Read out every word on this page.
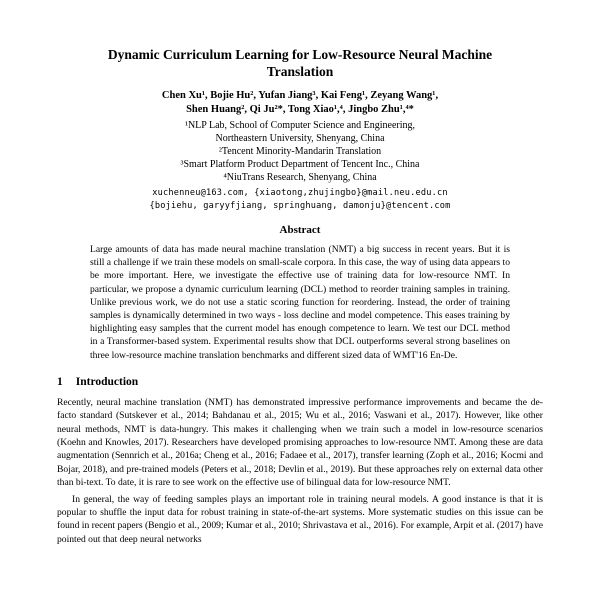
Dynamic Curriculum Learning for Low-Resource Neural Machine
Translation
Chen Xu¹, Bojie Hu², Yufan Jiang³, Kai Feng¹, Zeyang Wang¹,
Shen Huang², Qi Ju²*, Tong Xiao¹,⁴, Jingbo Zhu¹,⁴*
¹NLP Lab, School of Computer Science and Engineering,
Northeastern University, Shenyang, China
²Tencent Minority-Mandarin Translation
³Smart Platform Product Department of Tencent Inc., China
⁴NiuTrans Research, Shenyang, China
xuchenneu@163.com, {xiaotong,zhujingbo}@mail.neu.edu.cn
{bojiehu, garyyfjiang, springhuang, damonju}@tencent.com
Abstract

Large amounts of data has made neural machine translation (NMT) a big success in recent years. But it is still a challenge if we train these models on small-scale corpora. In this case, the way of using data appears to be more important. Here, we investigate the effective use of training data for low-resource NMT. In particular, we propose a dynamic curriculum learning (DCL) method to reorder training samples in training. Unlike previous work, we do not use a static scoring function for reordering. Instead, the order of training samples is dynamically determined in two ways - loss decline and model competence. This eases training by highlighting easy samples that the current model has enough competence to learn. We test our DCL method in a Transformer-based system. Experimental results show that DCL outperforms several strong baselines on three low-resource machine translation benchmarks and different sized data of WMT'16 En-De.

1 Introduction

Recently, neural machine translation (NMT) has demonstrated impressive performance improvements and became the de-facto standard (Sutskever et al., 2014; Bahdanau et al., 2015; Wu et al., 2016; Vaswani et al., 2017). However, like other neural methods, NMT is data-hungry. This makes it challenging when we train such a model in low-resource scenarios (Koehn and Knowles, 2017). Researchers have developed promising approaches to low-resource NMT. Among these are data augmentation (Sennrich et al., 2016a; Cheng et al., 2016; Fadaee et al., 2017), transfer learning (Zoph et al., 2016; Kocmi and Bojar, 2018), and pre-trained models (Peters et al., 2018; Devlin et al., 2019). But these approaches rely on external data other than bi-text. To date, it is rare to see work on the effective use of bilingual data for low-resource NMT.

In general, the way of feeding samples plays an important role in training neural models. A good instance is that it is popular to shuffle the input data for robust training in state-of-the-art systems. More systematic studies on this issue can be found in recent papers (Bengio et al., 2009; Kumar et al., 2010; Shrivastava et al., 2016). For example, Arpit et al. (2017) have pointed out that deep neural networks
